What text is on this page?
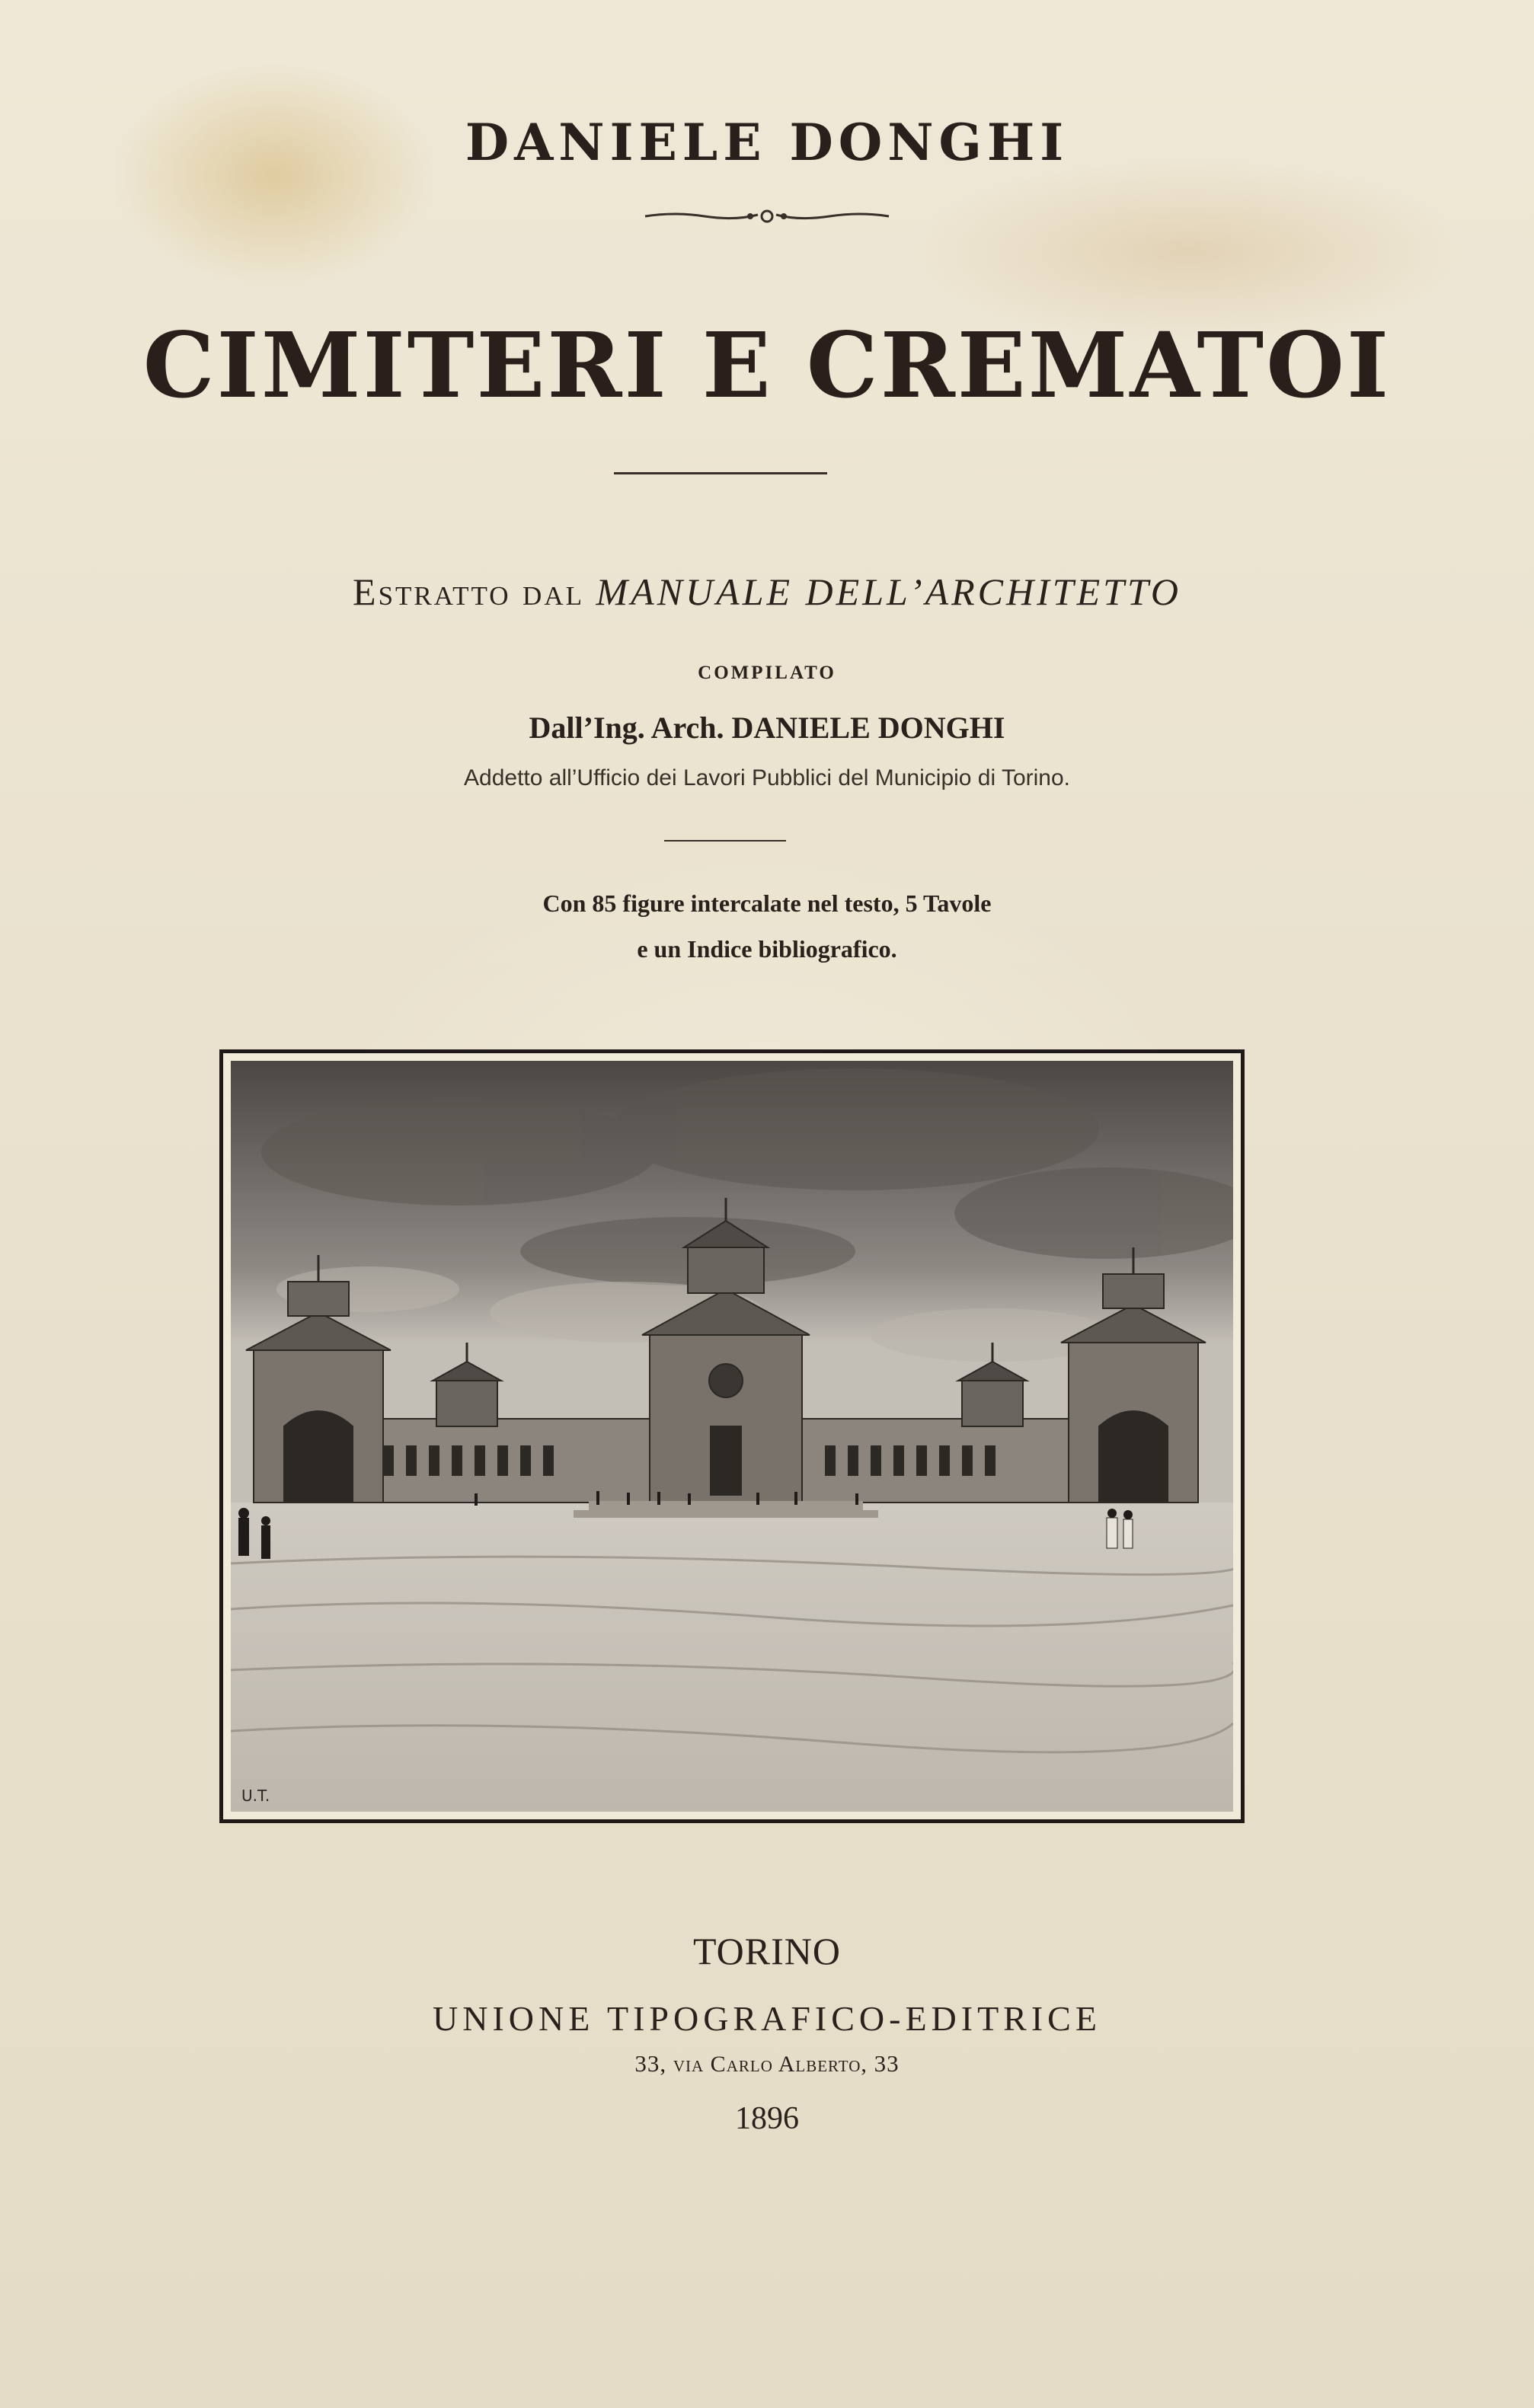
DANIELE DONGHI
CIMITERI E CREMATOI
Estratto dal MANUALE DELL’ARCHITETTO
COMPILATO
Dall’Ing. Arch. DANIELE DONGHI
Addetto all’Ufficio dei Lavori Pubblici del Municipio di Torino.
Con 85 figure intercalate nel testo, 5 Tavole
e un Indice bibliografico.
U.T.
TORINO
UNIONE TIPOGRAFICO-EDITRICE
33, via Carlo Alberto, 33
1896
